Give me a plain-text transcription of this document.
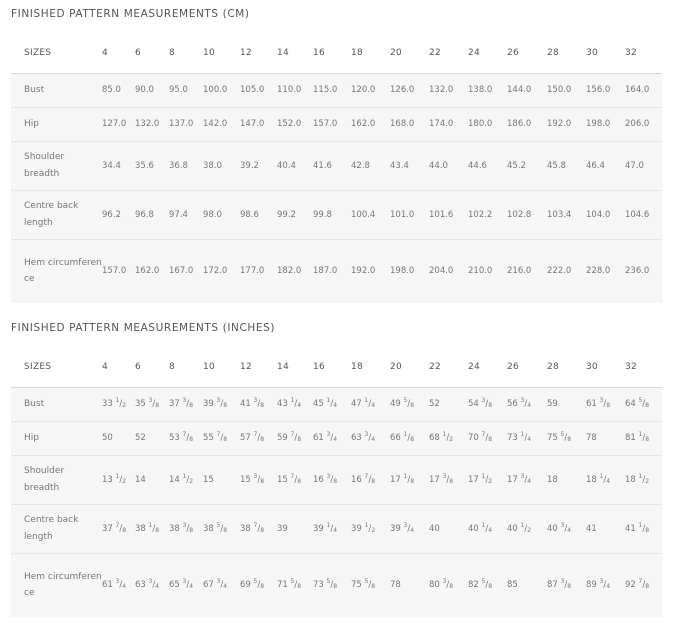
FINISHED PATTERN MEASUREMENTS (CM)
SIZES	4	6	8	10	12	14	16	18	20	22	24	26	28	30	32
Bust	85.0	90.0	95.0	100.0	105.0	110.0	115.0	120.0	126.0	132.0	138.0	144.0	150.0	156.0	164.0
Hip	127.0	132.0	137.0	142.0	147.0	152.0	157.0	162.0	168.0	174.0	180.0	186.0	192.0	198.0	206.0
Shoulder breadth	34.4	35.6	36.8	38.0	39.2	40.4	41.6	42.8	43.4	44.0	44.6	45.2	45.8	46.4	47.0
Centre back length	96.2	96.8	97.4	98.0	98.6	99.2	99.8	100.4	101.0	101.6	102.2	102.8	103.4	104.0	104.6
Hem circumference	157.0	162.0	167.0	172.0	177.0	182.0	187.0	192.0	198.0	204.0	210.0	216.0	222.0	228.0	236.0
FINISHED PATTERN MEASUREMENTS (INCHES)
SIZES	4	6	8	10	12	14	16	18	20	22	24	26	28	30	32
Bust	33 $^1/_2$	35 $^3/_8$	37 $^3/_8$	39 $^3/_8$	41 $^3/_8$	43 $^1/_4$	45 $^1/_4$	47 $^1/_4$	49 $^5/_8$	52	54 $^3/_8$	56 $^3/_4$	59	61 $^3/_8$	64 $^5/_8$
Hip	50	52	53 $^7/_8$	55 $^7/_8$	57 $^7/_8$	59 $^7/_8$	61 $^3/_4$	63 $^3/_4$	66 $^1/_8$	68 $^1/_2$	70 $^7/_8$	73 $^1/_4$	75 $^5/_8$	78	81 $^1/_8$
Shoulder breadth	13 $^1/_2$	14	14 $^1/_2$	15	15 $^3/_8$	15 $^7/_8$	16 $^3/_8$	16 $^7/_8$	17 $^1/_8$	17 $^3/_8$	17 $^1/_2$	17 $^3/_4$	18	18 $^1/_4$	18 $^1/_2$
Centre back length	37 $^7/_8$	38 $^1/_8$	38 $^3/_8$	38 $^5/_8$	38 $^7/_8$	39	39 $^1/_4$	39 $^1/_2$	39 $^3/_4$	40	40 $^1/_4$	40 $^1/_2$	40 $^3/_4$	41	41 $^1/_8$
Hem circumference	61 $^3/_4$	63 $^3/_4$	65 $^3/_4$	67 $^3/_4$	69 $^5/_8$	71 $^5/_8$	73 $^5/_8$	75 $^5/_8$	78	80 $^3/_8$	82 $^5/_8$	85	87 $^3/_8$	89 $^3/_4$	92 $^7/_8$
